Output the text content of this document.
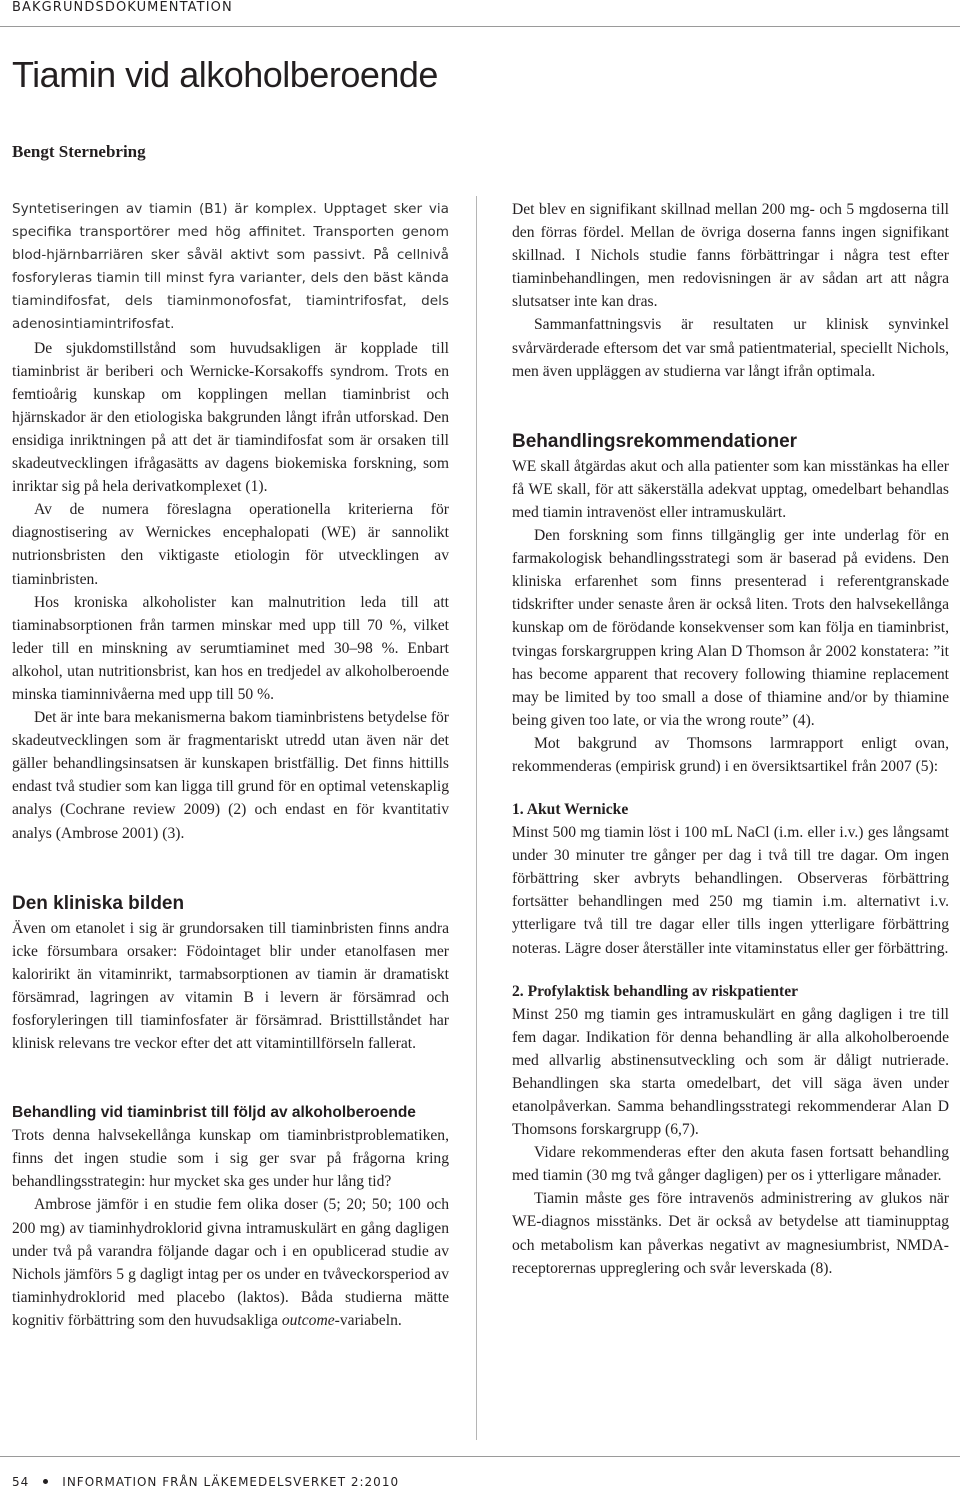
BAKGRUNDSDOKUMENTATION
Tiamin vid alkoholberoende
Bengt Sternebring

Syntetiseringen av tiamin (B1) är komplex. Upptaget sker via specifika transportörer med hög affinitet. Transporten genom blod-hjärnbarriären sker såväl aktivt som passivt. På cellnivå fosforyleras tiamin till minst fyra varianter, dels den bäst kända tiamindifosfat, dels tiaminmonofosfat, tiamintrifosfat, dels adenosintiamintrifosfat.

De sjukdomstillstånd som huvudsakligen är kopplade till tiaminbrist är beriberi och Wernicke-Korsakoffs syndrom. Trots en femtioårig kunskap om kopplingen mellan tiaminbrist och hjärnskador är den etiologiska bakgrunden långt ifrån utforskad. Den ensidiga inriktningen på att det är tiamindifosfat som är orsaken till skadeutvecklingen ifrågasätts av dagens biokemiska forskning, som inriktar sig på hela derivatkomplexet (1).

Av de numera föreslagna operationella kriterierna för diagnostisering av Wernickes encephalopati (WE) är sannolikt nutrionsbristen den viktigaste etiologin för utvecklingen av tiaminbristen.

Hos kroniska alkoholister kan malnutrition leda till att tiaminabsorptionen från tarmen minskar med upp till 70 %, vilket leder till en minskning av serumtiaminet med 30–98 %. Enbart alkohol, utan nutritionsbrist, kan hos en tredjedel av alkoholberoende minska tiaminnivåerna med upp till 50 %.

Det är inte bara mekanismerna bakom tiaminbristens betydelse för skadeutvecklingen som är fragmentariskt utredd utan även när det gäller behandlingsinsatsen är kunskapen bristfällig. Det finns hittills endast två studier som kan ligga till grund för en optimal vetenskaplig analys (Cochrane review 2009) (2) och endast en för kvantitativ analys (Ambrose 2001) (3).

Den kliniska bilden

Även om etanolet i sig är grundorsaken till tiaminbristen finns andra icke försumbara orsaker: Födointaget blir under etanolfasen mer kaloririkt än vitaminrikt, tarmabsorptionen av tiamin är dramatiskt försämrad, lagringen av vitamin B i levern är försämrad och fosforyleringen till tiaminfosfater är försämrad. Bristtillståndet har klinisk relevans tre veckor efter det att vitamintillförseln fallerat.

Behandling vid tiaminbrist till följd av alkoholberoende

Trots denna halvsekellånga kunskap om tiaminbristproblematiken, finns det ingen studie som i sig ger svar på frågorna kring behandlingsstrategin: hur mycket ska ges under hur lång tid?

Ambrose jämför i en studie fem olika doser (5; 20; 50; 100 och 200 mg) av tiaminhydroklorid givna intramuskulärt en gång dagligen under två på varandra följande dagar och i en opublicerad studie av Nichols jämförs 5 g dagligt intag per os under en tvåveckorsperiod av tiaminhydroklorid med placebo (laktos). Båda studierna mätte kognitiv förbättring som den huvudsakliga outcome-variabeln.

Det blev en signifikant skillnad mellan 200 mg- och 5 mgdoserna till den förras fördel. Mellan de övriga doserna fanns ingen signifikant skillnad. I Nichols studie fanns förbättringar i några test efter tiaminbehandlingen, men redovisningen är av sådan art att några slutsatser inte kan dras.

Sammanfattningsvis är resultaten ur klinisk synvinkel svårvärderade eftersom det var små patientmaterial, speciellt Nichols, men även uppläggen av studierna var långt ifrån optimala.

Behandlingsrekommendationer

WE skall åtgärdas akut och alla patienter som kan misstänkas ha eller få WE skall, för att säkerställa adekvat upptag, omedelbart behandlas med tiamin intravenöst eller intramuskulärt.

Den forskning som finns tillgänglig ger inte underlag för en farmakologisk behandlingsstrategi som är baserad på evidens. Den kliniska erfarenhet som finns presenterad i referentgranskade tidskrifter under senaste åren är också liten. Trots den halvsekellånga kunskap om de förödande konsekvenser som kan följa en tiaminbrist, tvingas forskargruppen kring Alan D Thomson år 2002 konstatera: ”it has become apparent that recovery following thiamine replacement may be limited by too small a dose of thiamine and/or by thiamine being given too late, or via the wrong route” (4).

Mot bakgrund av Thomsons larmrapport enligt ovan, rekommenderas (empirisk grund) i en översiktsartikel från 2007 (5):

1. Akut Wernicke

Minst 500 mg tiamin löst i 100 mL NaCl (i.m. eller i.v.) ges långsamt under 30 minuter tre gånger per dag i två till tre dagar. Om ingen förbättring sker avbryts behandlingen. Observeras förbättring fortsätter behandlingen med 250 mg tiamin i.m. alternativt i.v. ytterligare två till tre dagar eller tills ingen ytterligare förbättring noteras. Lägre doser återställer inte vitaminstatus eller ger förbättring.

2. Profylaktisk behandling av riskpatienter

Minst 250 mg tiamin ges intramuskulärt en gång dagligen i tre till fem dagar. Indikation för denna behandling är alla alkoholberoende med allvarlig abstinensutveckling och som är dåligt nutrierade. Behandlingen ska starta omedelbart, det vill säga även under etanolpåverkan. Samma behandlingsstrategi rekommenderar Alan D Thomsons forskargrupp (6,7).

Vidare rekommenderas efter den akuta fasen fortsatt behandling med tiamin (30 mg två gånger dagligen) per os i ytterligare månader.

Tiamin måste ges före intravenös administrering av glukos när WE-diagnos misstänks. Det är också av betydelse att tiaminupptag och metabolism kan påverkas negativt av magnesiumbrist, NMDA-receptorernas uppreglering och svår leverskada (8).

54	INFORMATION FRÅN LÄKEMEDELSVERKET 2:2010
